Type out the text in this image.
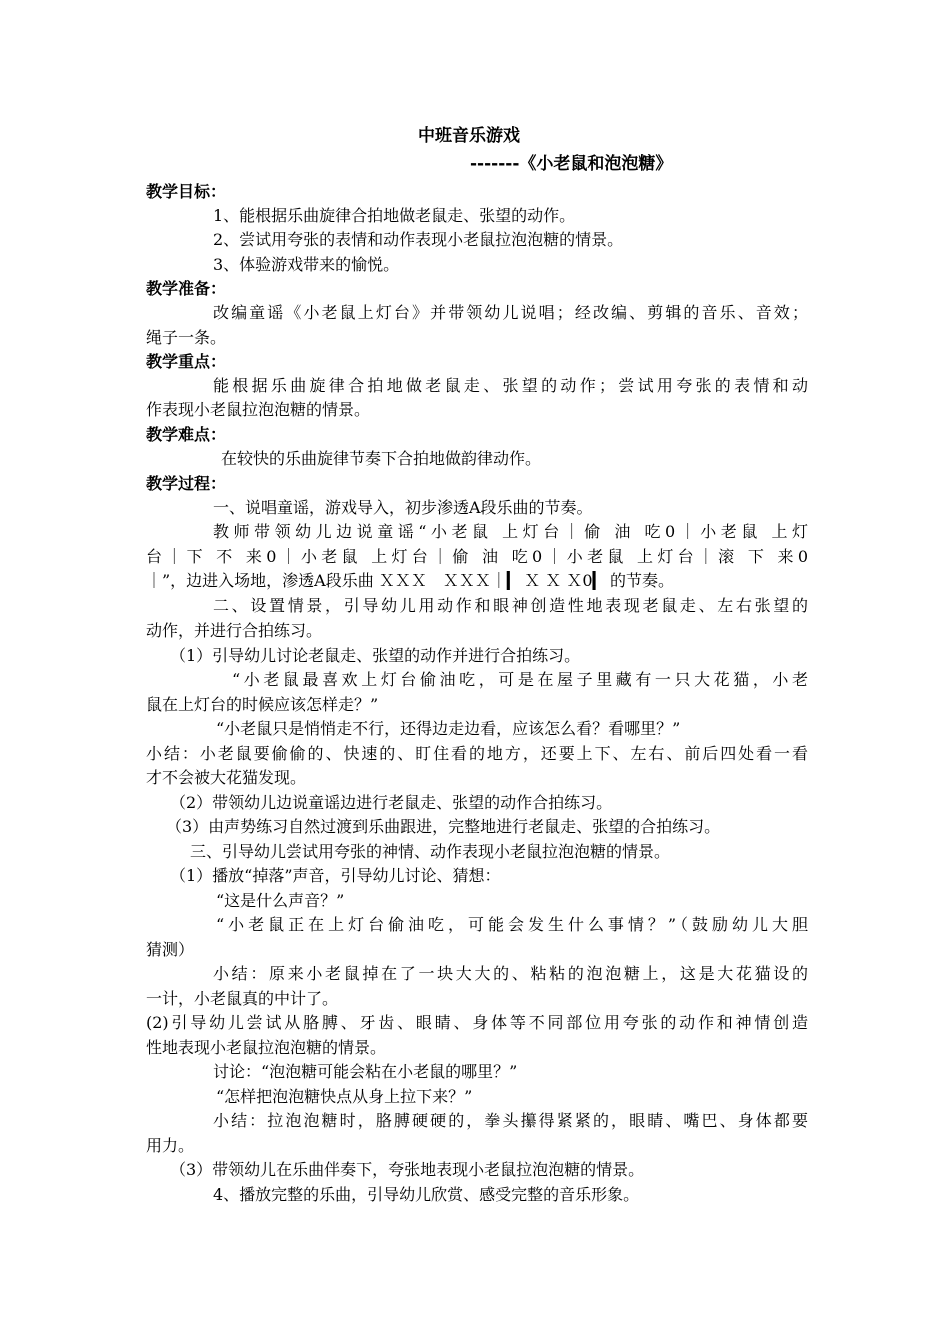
中班音乐游戏
-------《小老鼠和泡泡糖》
教学目标：
1、能根据乐曲旋律合拍地做老鼠走、张望的动作。
2、尝试用夸张的表情和动作表现小老鼠拉泡泡糖的情景。
3、体验游戏带来的愉悦。
教学准备：
改编童谣《小老鼠上灯台》并带领幼儿说唱；经改编、剪辑的音乐、音效；
绳子一条。
教学重点：
能根据乐曲旋律合拍地做老鼠走、张望的动作；尝试用夸张的表情和动
作表现小老鼠拉泡泡糖的情景。
教学难点：
在较快的乐曲旋律节奏下合拍地做韵律动作。
教学过程：
一、说唱童谣，游戏导入，初步渗透A段乐曲的节奏。
教师带领幼儿边说童谣“小老鼠 上灯台｜偷 油 吃0｜小老鼠 上灯
台｜下 不 来0｜小老鼠 上灯台｜偷 油 吃0｜小老鼠 上灯台｜滚 下 来0
｜”，边进入场地，渗透A段乐曲 ＸＸＸ　ＸＸＸ｜▎ Ｘ Ｘ Ｘ0▎ 的节奏。
二、设置情景，引导幼儿用动作和眼神创造性地表现老鼠走、左右张望的
动作，并进行合拍练习。
（1）引导幼儿讨论老鼠走、张望的动作并进行合拍练习。
“小老鼠最喜欢上灯台偷油吃，可是在屋子里藏有一只大花猫，小老
鼠在上灯台的时候应该怎样走？”
“小老鼠只是悄悄走不行，还得边走边看，应该怎么看？看哪里？”
小结：小老鼠要偷偷的、快速的、盯住看的地方，还要上下、左右、前后四处看一看
才不会被大花猫发现。
（2）带领幼儿边说童谣边进行老鼠走、张望的动作合拍练习。
（3）由声势练习自然过渡到乐曲跟进，完整地进行老鼠走、张望的合拍练习。
三、引导幼儿尝试用夸张的神情、动作表现小老鼠拉泡泡糖的情景。
（1）播放“掉落”声音，引导幼儿讨论、猜想：
“这是什么声音？”
“小老鼠正在上灯台偷油吃，可能会发生什么事情？”（鼓励幼儿大胆
猜测）
小结：原来小老鼠掉在了一块大大的、粘粘的泡泡糖上，这是大花猫设的
一计，小老鼠真的中计了。
(2)引导幼儿尝试从胳膊、牙齿、眼睛、身体等不同部位用夸张的动作和神情创造
性地表现小老鼠拉泡泡糖的情景。
讨论：“泡泡糖可能会粘在小老鼠的哪里？”
“怎样把泡泡糖快点从身上拉下来？”
小结：拉泡泡糖时，胳膊硬硬的，拳头攥得紧紧的，眼睛、嘴巴、身体都要
用力。
（3）带领幼儿在乐曲伴奏下，夸张地表现小老鼠拉泡泡糖的情景。
4、播放完整的乐曲，引导幼儿欣赏、感受完整的音乐形象。
